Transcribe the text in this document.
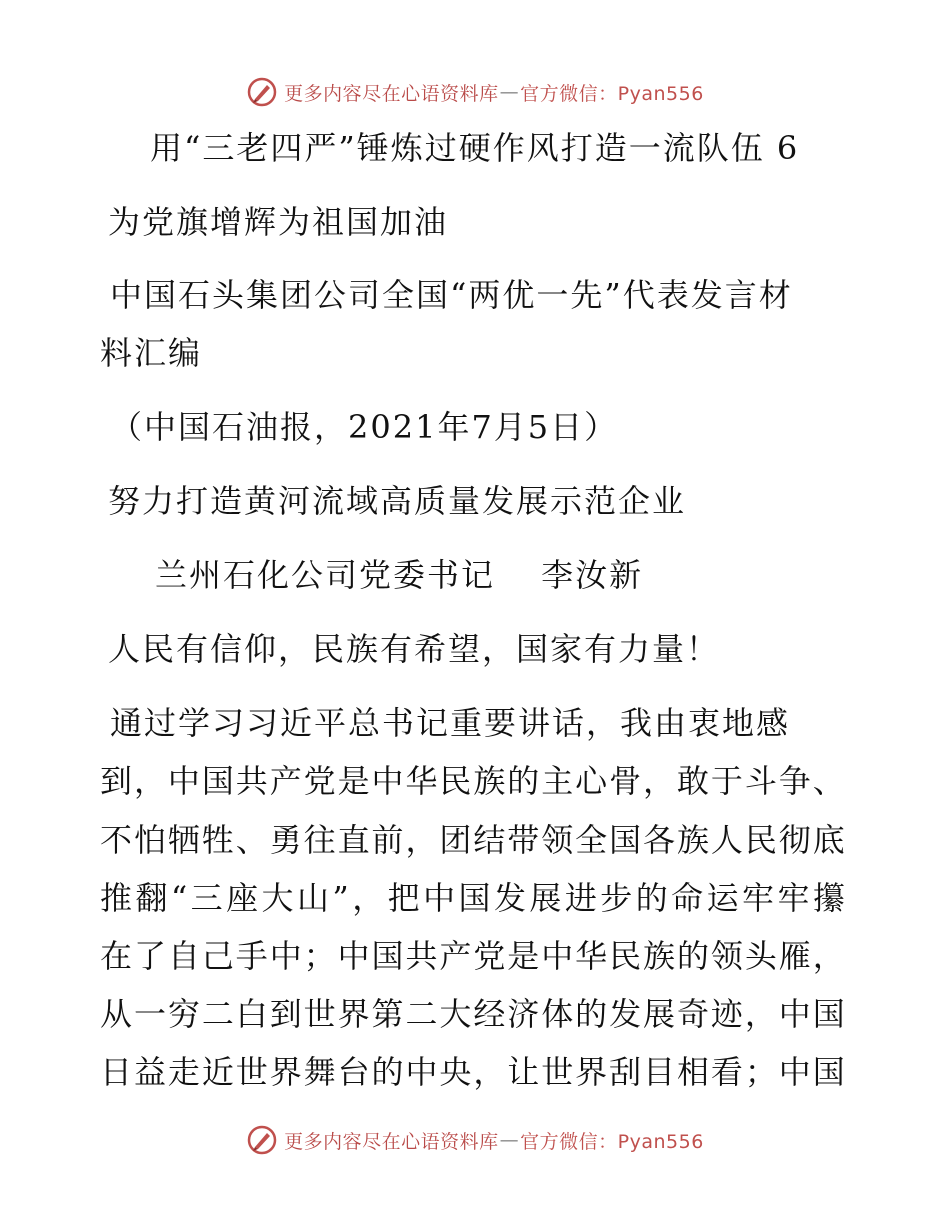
更多内容尽在心语资料库 — 官方微信：Pyan556
用“三老四严”锤炼过硬作风打造一流队伍 6
为党旗增辉为祖国加油
中国石头集团公司全国“两优一先”代表发言材
料汇编
（中国石油报，2021年7月5日）
努力打造黄河流域高质量发展示范企业
兰州石化公司党委书记　 李汝新
人民有信仰，民族有希望，国家有力量！
通过学习习近平总书记重要讲话，我由衷地感
到 ， 中 国 共 产 党 是 中 华 民 族 的 主 心 骨 ， 敢 于 斗 争 、
不 怕 牺 牲 、 勇 往 直 前 ， 团 结 带 领 全 国 各 族 人 民 彻 底
推 翻 “ 三 座 大 山 ” ， 把 中 国 发 展 进 步 的 命 运 牢 牢 攥
在 了 自 己 手 中 ； 中 国 共 产 党 是 中 华 民 族 的 领 头 雁 ，
从 一 穷 二 白 到 世 界 第 二 大 经 济 体 的 发 展 奇 迹 ， 中 国
日 益 走 近 世 界 舞 台 的 中 央 ， 让 世 界 刮 目 相 看 ； 中 国
更多内容尽在心语资料库 — 官方微信：Pyan556
